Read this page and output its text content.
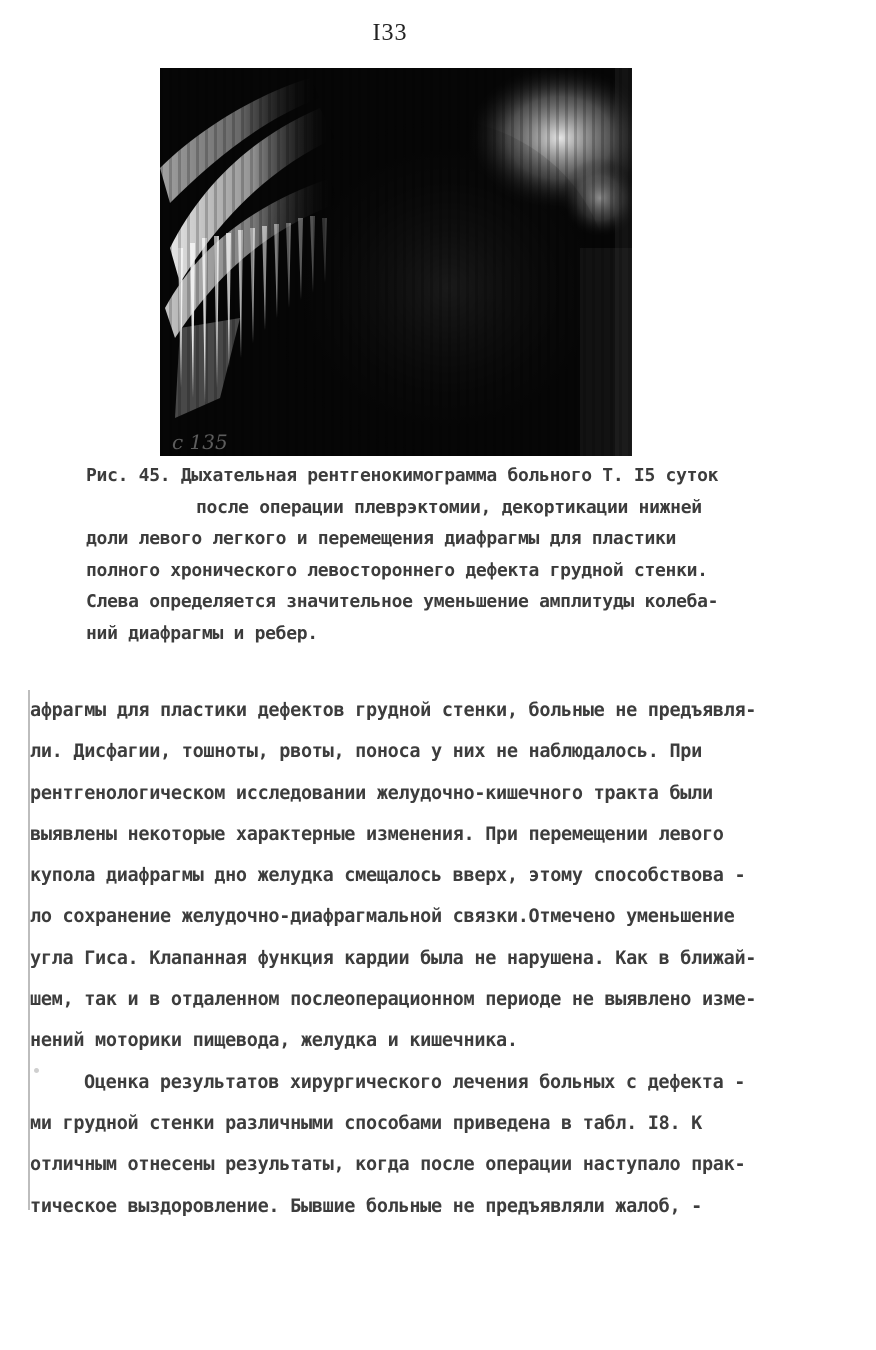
I33
c 135
Рис. 45. Дыхательная рентгенокимограмма больного Т. I5 суток
после операции плеврэктомии, декортикации нижней
доли левого легкого и перемещения диафрагмы для пластики
полного хронического левостороннего дефекта грудной стенки.
Слева определяется значительное уменьшение амплитуды колеба-
ний диафрагмы и ребер.
афрагмы для пластики дефектов грудной стенки, больные не предъявля-
ли. Дисфагии, тошноты, рвоты, поноса у них не наблюдалось. При
рентгенологическом исследовании желудочно-кишечного тракта были
выявлены некоторые характерные изменения. При перемещении левого
купола диафрагмы дно желудка смещалось вверх, этому способствова -
ло сохранение желудочно-диафрагмальной связки.Отмечено уменьшение
угла Гиса. Клапанная функция кардии была не нарушена. Как в ближай-
шем, так и в отдаленном послеоперационном периоде не выявлено изме-
нений моторики пищевода, желудка и кишечника.
Оценка результатов хирургического лечения больных с дефекта -
ми грудной стенки различными способами приведена в табл. I8. К
отличным отнесены результаты, когда после операции наступало прак-
тическое выздоровление. Бывшие больные не предъявляли жалоб, -
